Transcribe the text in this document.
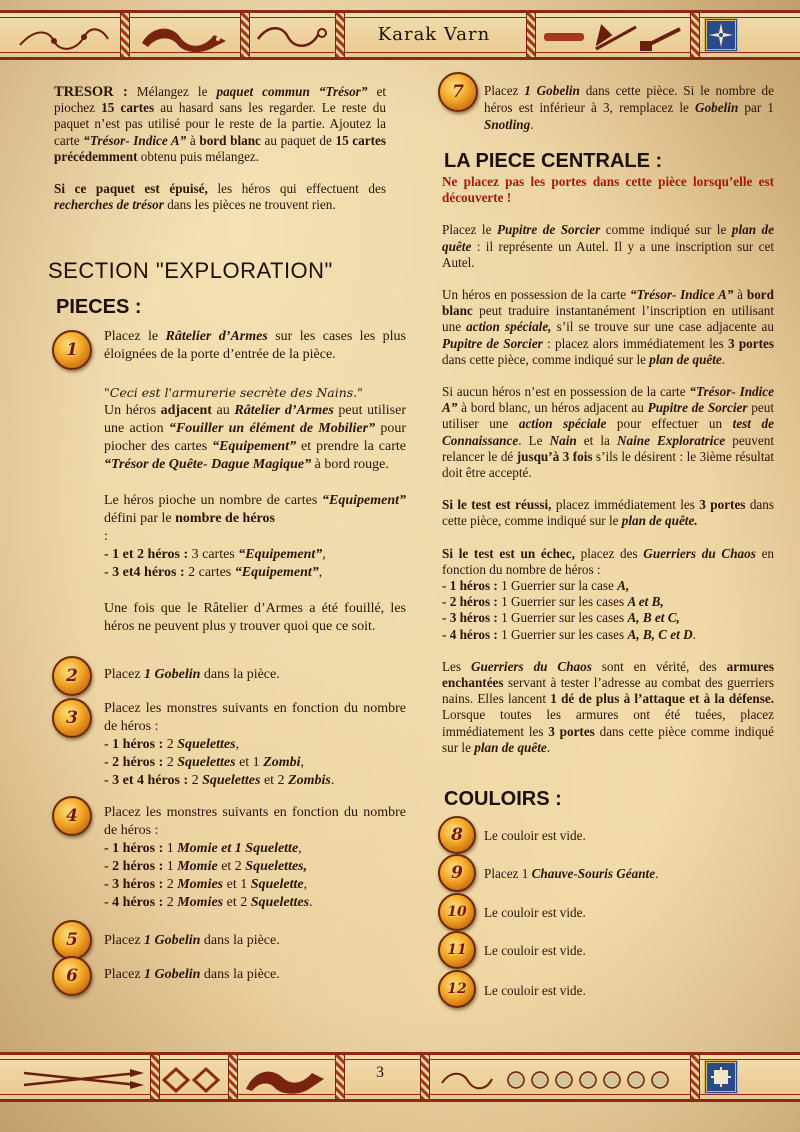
Karak Varn
3

TRESOR : Mélangez le paquet commun “Trésor” et piochez 15 cartes au hasard sans les regarder. Le reste du paquet n’est pas utilisé pour le reste de la partie. Ajoutez la carte “Trésor- Indice A” à bord blanc au paquet de 15 cartes précédemment obtenu puis mélangez.

Si ce paquet est épuisé, les héros qui effectuent des recherches de trésor dans les pièces ne trouvent rien.

SECTION "EXPLORATION"
PIECES :
1

Placez le Râtelier d’Armes sur les cases les plus éloignées de la porte d’entrée de la pièce.

"Ceci est l'armurerie secrète des Nains."

Un héros adjacent au Râtelier d’Armes peut utiliser une action “Fouiller un élément de Mobilier” pour piocher des cartes “Equipement” et prendre la carte “Trésor de Quête- Dague Magique” à bord rouge.

Le héros pioche un nombre de cartes “Equipement” défini par le nombre de héros
:

- 1 et 2 héros : 3 cartes “Equipement”,

- 3 et4 héros : 2 cartes “Equipement”,

Une fois que le Râtelier d’Armes a été fouillé, les héros ne peuvent plus y trouver quoi que ce soit.

2 Placez 1 Gobelin dans la pièce.
3 Placez les monstres suivants en fonction du nombre de héros :

- 1 héros : 2 Squelettes,

- 2 héros : 2 Squelettes et 1 Zombi,

- 3 et 4 héros : 2 Squelettes et 2 Zombis.

4 Placez les monstres suivants en fonction du nombre de héros :

- 1 héros : 1 Momie et 1 Squelette,

- 2 héros : 1 Momie et 2 Squelettes,

- 3 héros : 2 Momies et 1 Squelette,

- 4 héros : 2 Momies et 2 Squelettes.

5 Placez 1 Gobelin dans la pièce.
6 Placez 1 Gobelin dans la pièce.
7 Placez 1 Gobelin dans cette pièce. Si le nombre de héros est inférieur à 3, remplacez le Gobelin par 1 Snotling.
LA PIECE CENTRALE :

Ne placez pas les portes dans cette pièce lorsqu’elle est découverte !

Placez le Pupitre de Sorcier comme indiqué sur le plan de quête : il représente un Autel. Il y a une inscription sur cet Autel.

Un héros en possession de la carte “Trésor- Indice A” à bord blanc peut traduire instantanément l’inscription en utilisant une action spéciale, s’il se trouve sur une case adjacente au Pupitre de Sorcier : placez alors immédiatement les 3 portes dans cette pièce, comme indiqué sur le plan de quête.

Si aucun héros n’est en possession de la carte “Trésor- Indice A” à bord blanc, un héros adjacent au Pupitre de Sorcier peut utiliser une action spéciale pour effectuer un test de Connaissance. Le Nain et la Naine Exploratrice peuvent relancer le dé jusqu’à 3 fois s’ils le désirent : le 3ième résultat doit être accepté.

Si le test est réussi, placez immédiatement les 3 portes dans cette pièce, comme indiqué sur le plan de quête.

Si le test est un échec, placez des Guerriers du Chaos en fonction du nombre de héros :

- 1 héros : 1 Guerrier sur la case A,

- 2 héros : 1 Guerrier sur les cases A et B,

- 3 héros : 1 Guerrier sur les cases A, B et C,

- 4 héros : 1 Guerrier sur les cases A, B, C et D.

Les Guerriers du Chaos sont en vérité, des armures enchantées servant à tester l’adresse au combat des guerriers nains. Elles lancent 1 dé de plus à l’attaque et à la défense. Lorsque toutes les armures ont été tuées, placez immédiatement les 3 portes dans cette pièce comme indiqué sur le plan de quête.

COULOIRS :
8 Le couloir est vide.
9 Placez 1 Chauve-Souris Géante.
10 Le couloir est vide.
11 Le couloir est vide.
12 Le couloir est vide.
